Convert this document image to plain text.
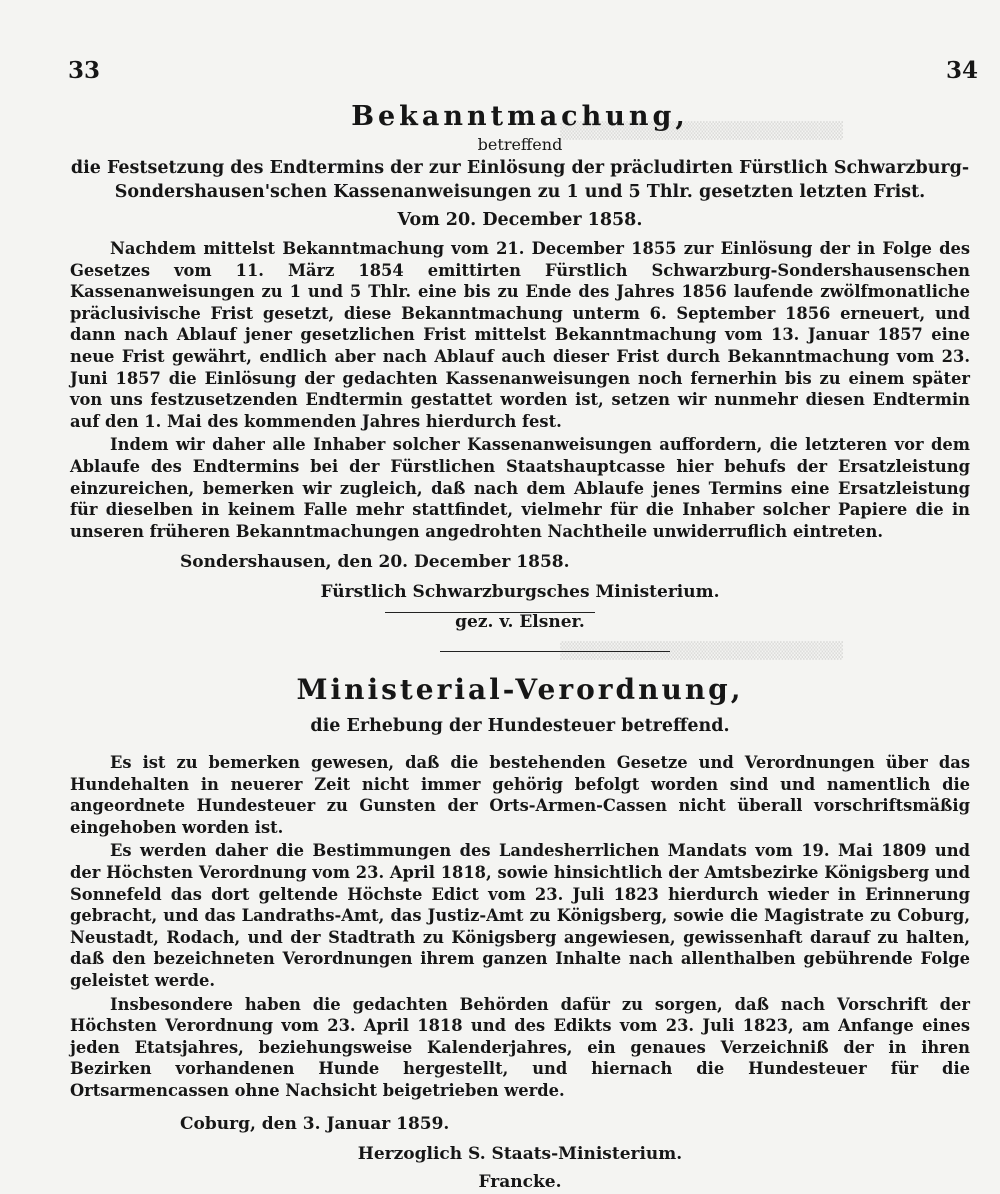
▒▒▒▒▒▒▒▒▒▒▒▒▒▒▒▒▒▒▒▒▒▒▒
▒▒▒▒▒▒▒▒▒▒▒▒▒▒▒▒▒▒▒▒▒▒▒
33	34
Bekanntmachung,
betreffend
die Festsetzung des Endtermins der zur Einlösung der präcludirten Fürstlich Schwarzburg-
Sondershausen'schen Kassenanweisungen zu 1 und 5 Thlr. gesetzten letzten Frist.
Vom 20. December 1858.

Nachdem mittelst Bekanntmachung vom 21. December 1855 zur Einlösung der in Folge des Gesetzes vom 11. März 1854 emittirten Fürstlich Schwarzburg-Sondershausenschen Kassenanweisungen zu 1 und 5 Thlr. eine bis zu Ende des Jahres 1856 laufende zwölfmonatliche präclusivische Frist gesetzt, diese Bekanntmachung unterm 6. September 1856 erneuert, und dann nach Ablauf jener gesetzlichen Frist mittelst Bekanntmachung vom 13. Januar 1857 eine neue Frist gewährt, endlich aber nach Ablauf auch dieser Frist durch Bekanntmachung vom 23. Juni 1857 die Einlösung der gedachten Kassenanweisungen noch fernerhin bis zu einem später von uns festzusetzenden Endtermin gestattet worden ist, setzen wir nunmehr diesen Endtermin auf den 1. Mai des kommenden Jahres hierdurch fest.

Indem wir daher alle Inhaber solcher Kassenanweisungen auffordern, die letzteren vor dem Ablaufe des Endtermins bei der Fürstlichen Staatshauptcasse hier behufs der Ersatzleistung einzureichen, bemerken wir zugleich, daß nach dem Ablaufe jenes Termins eine Ersatzleistung für dieselben in keinem Falle mehr stattfindet, vielmehr für die Inhaber solcher Papiere die in unseren früheren Bekanntmachungen angedrohten Nachtheile unwiderruflich eintreten.

Sondershausen, den 20. December 1858.
Fürstlich Schwarzburgsches Ministerium.
gez. v. Elsner.
Ministerial-Verordnung,
die Erhebung der Hundesteuer betreffend.

Es ist zu bemerken gewesen, daß die bestehenden Gesetze und Verordnungen über das Hundehalten in neuerer Zeit nicht immer gehörig befolgt worden sind und namentlich die angeordnete Hundesteuer zu Gunsten der Orts-Armen-Cassen nicht überall vorschriftsmäßig eingehoben worden ist.

Es werden daher die Bestimmungen des Landesherrlichen Mandats vom 19. Mai 1809 und der Höchsten Verordnung vom 23. April 1818, sowie hinsichtlich der Amtsbezirke Königsberg und Sonnefeld das dort geltende Höchste Edict vom 23. Juli 1823 hierdurch wieder in Erinnerung gebracht, und das Landraths-Amt, das Justiz-Amt zu Königsberg, sowie die Magistrate zu Coburg, Neustadt, Rodach, und der Stadtrath zu Königsberg angewiesen, gewissenhaft darauf zu halten, daß den bezeichneten Verordnungen ihrem ganzen Inhalte nach allenthalben gebührende Folge geleistet werde.

Insbesondere haben die gedachten Behörden dafür zu sorgen, daß nach Vorschrift der Höchsten Verordnung vom 23. April 1818 und des Edikts vom 23. Juli 1823, am Anfange eines jeden Etatsjahres, beziehungsweise Kalenderjahres, ein genaues Verzeichniß der in ihren Bezirken vorhandenen Hunde hergestellt, und hiernach die Hundesteuer für die Ortsarmencassen ohne Nachsicht beigetrieben werde.

Coburg, den 3. Januar 1859.
Herzoglich S. Staats-Ministerium.
Francke.
